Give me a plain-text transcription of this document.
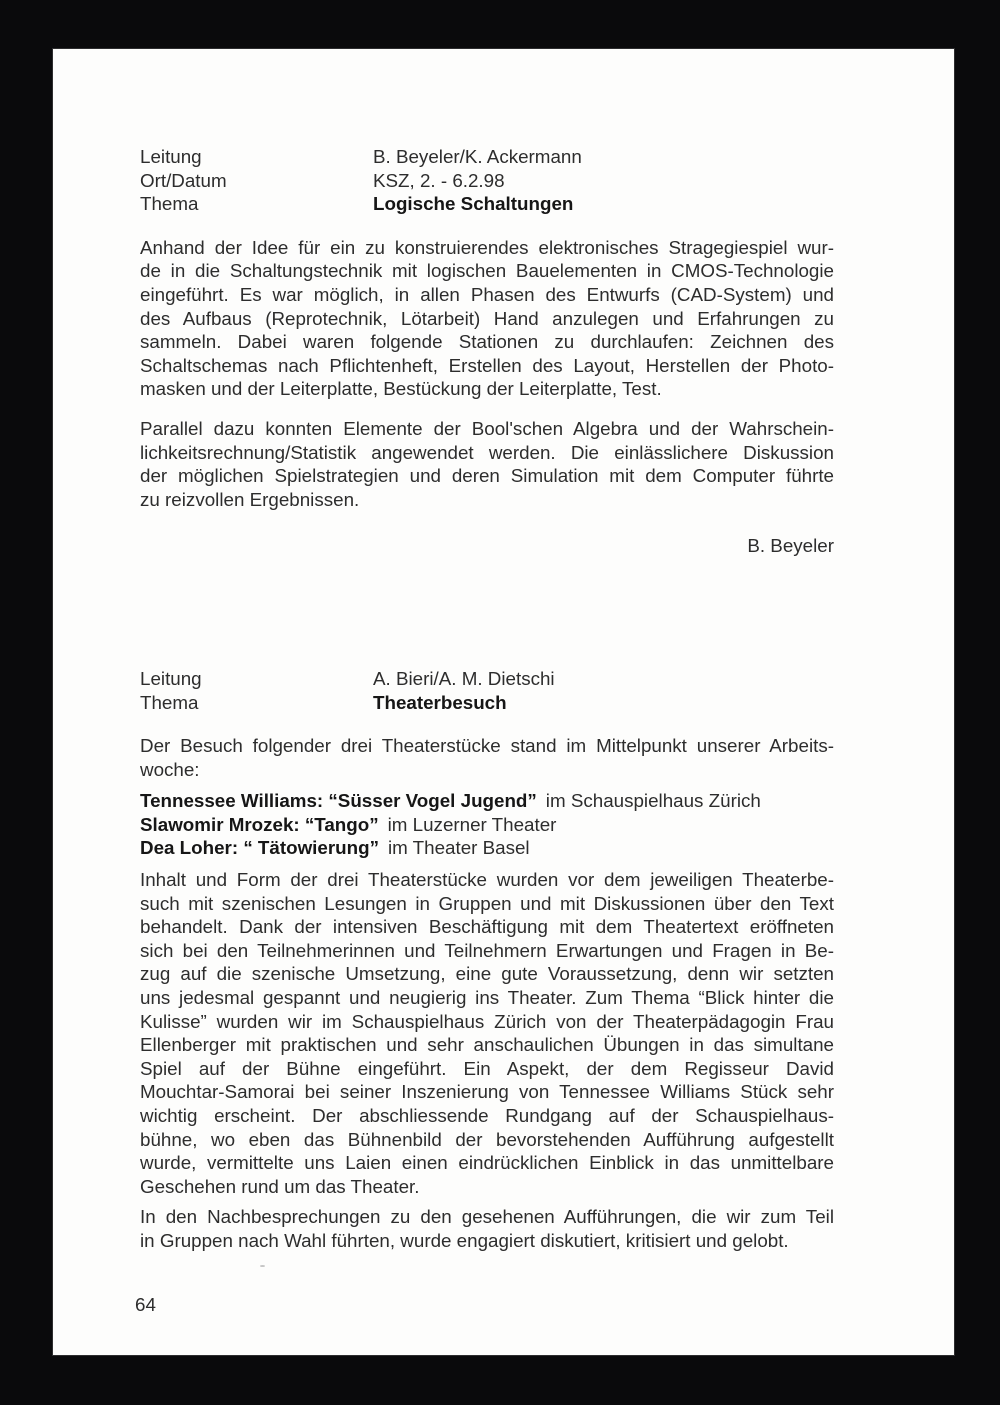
Leitung	B. Beyeler/K. Ackermann
Ort/Datum	KSZ, 2. - 6.2.98
Thema	Logische Schaltungen
Anhand der Idee für ein zu konstruierendes elektronisches Stragegiespiel wur-
de in die Schaltungstechnik mit logischen Bauelementen in CMOS-Technologie
eingeführt. Es war möglich, in allen Phasen des Entwurfs (CAD-System) und
des Aufbaus (Reprotechnik, Lötarbeit) Hand anzulegen und Erfahrungen zu
sammeln. Dabei waren folgende Stationen zu durchlaufen: Zeichnen des
Schaltschemas nach Pflichtenheft, Erstellen des Layout, Herstellen der Photo-
masken und der Leiterplatte, Bestückung der Leiterplatte, Test.
Parallel dazu konnten Elemente der Bool'schen Algebra und der Wahrschein-
lichkeitsrechnung/Statistik angewendet werden. Die einlässlichere Diskussion
der möglichen Spielstrategien und deren Simulation mit dem Computer führte
zu reizvollen Ergebnissen.
B. Beyeler
Leitung	A. Bieri/A. M. Dietschi
Thema	Theaterbesuch
Der Besuch folgender drei Theaterstücke stand im Mittelpunkt unserer Arbeits-
woche:
Tennessee Williams: “Süsser Vogel Jugend” im Schauspielhaus Zürich
Slawomir Mrozek: “Tango” im Luzerner Theater
Dea Loher: “ Tätowierung” im Theater Basel
Inhalt und Form der drei Theaterstücke wurden vor dem jeweiligen Theaterbe-
such mit szenischen Lesungen in Gruppen und mit Diskussionen über den Text
behandelt. Dank der intensiven Beschäftigung mit dem Theatertext eröffneten
sich bei den Teilnehmerinnen und Teilnehmern Erwartungen und Fragen in Be-
zug auf die szenische Umsetzung, eine gute Voraussetzung, denn wir setzten
uns jedesmal gespannt und neugierig ins Theater. Zum Thema “Blick hinter die
Kulisse” wurden wir im Schauspielhaus Zürich von der Theaterpädagogin Frau
Ellenberger mit praktischen und sehr anschaulichen Übungen in das simultane
Spiel auf der Bühne eingeführt. Ein Aspekt, der dem Regisseur David
Mouchtar-Samorai bei seiner Inszenierung von Tennessee Williams Stück sehr
wichtig erscheint. Der abschliessende Rundgang auf der Schauspielhaus-
bühne, wo eben das Bühnenbild der bevorstehenden Aufführung aufgestellt
wurde, vermittelte uns Laien einen eindrücklichen Einblick in das unmittelbare
Geschehen rund um das Theater.
In den Nachbesprechungen zu den gesehenen Aufführungen, die wir zum Teil
in Gruppen nach Wahl führten, wurde engagiert diskutiert, kritisiert und gelobt.
64
